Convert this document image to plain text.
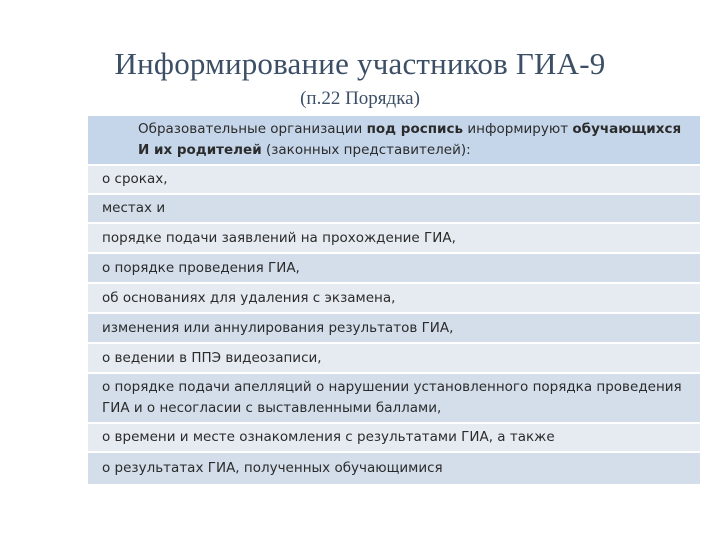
Информирование участников ГИА-9
(п.22 Порядка)
Образовательные организации под роспись информируют обучающихся И их родителей (законных представителей):
о сроках,
местах и
порядке подачи заявлений на прохождение ГИА,
о порядке проведения ГИА,
об основаниях для удаления с экзамена,
изменения или аннулирования результатов ГИА,
о ведении в ППЭ видеозаписи,
о порядке подачи апелляций о нарушении установленного порядка проведения ГИА и о несогласии с выставленными баллами,
о времени и месте ознакомления с результатами ГИА, а также
о результатах ГИА, полученных обучающимися
